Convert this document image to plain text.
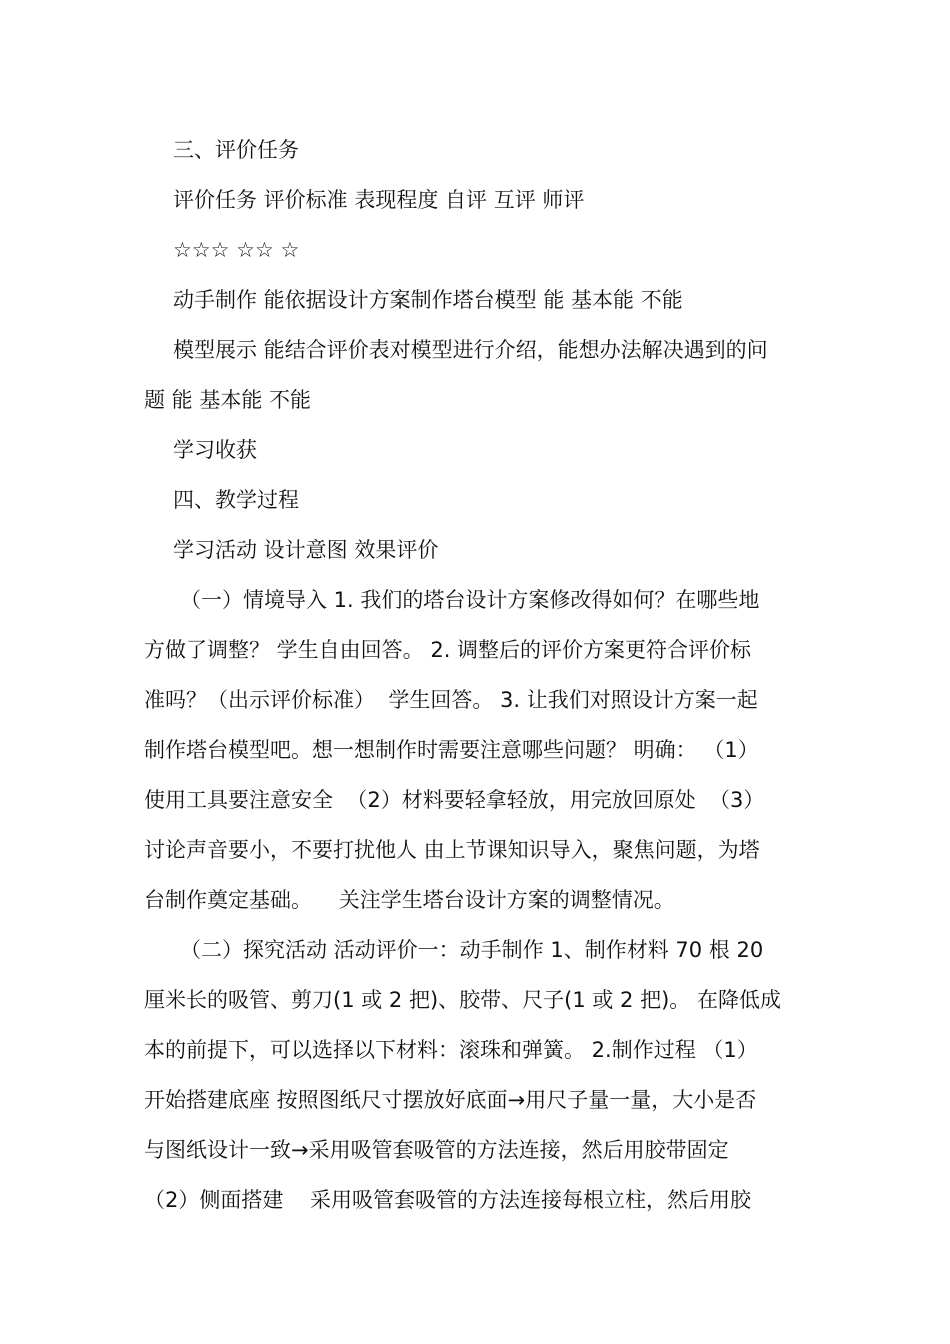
三、评价任务
评价任务 评价标准 表现程度 自评 互评 师评
☆☆☆ ☆☆ ☆
动手制作 能依据设计方案制作塔台模型 能 基本能 不能
模型展示 能结合评价表对模型进行介绍，能想办法解决遇到的问
题 能 基本能 不能
学习收获
四、教学过程
学习活动 设计意图 效果评价
（一）情境导入 1. 我们的塔台设计方案修改得如何？在哪些地
方做了调整？ 学生自由回答。 2. 调整后的评价方案更符合评价标
准吗？（出示评价标准）  学生回答。 3. 让我们对照设计方案一起
制作塔台模型吧。想一想制作时需要注意哪些问题？ 明确： （1）
使用工具要注意安全  （2）材料要轻拿轻放，用完放回原处  （3）
讨论声音要小，不要打扰他人 由上节课知识导入，聚焦问题，为塔
台制作奠定基础。    关注学生塔台设计方案的调整情况。
（二）探究活动 活动评价一：动手制作 1、制作材料 70 根 20
厘米长的吸管、剪刀(1 或 2 把)、胶带、尺子(1 或 2 把)。 在降低成
本的前提下，可以选择以下材料：滚珠和弹簧。 2.制作过程 （1）
开始搭建底座 按照图纸尺寸摆放好底面→用尺子量一量，大小是否
与图纸设计一致→采用吸管套吸管的方法连接，然后用胶带固定
（2）侧面搭建    采用吸管套吸管的方法连接每根立柱，然后用胶
